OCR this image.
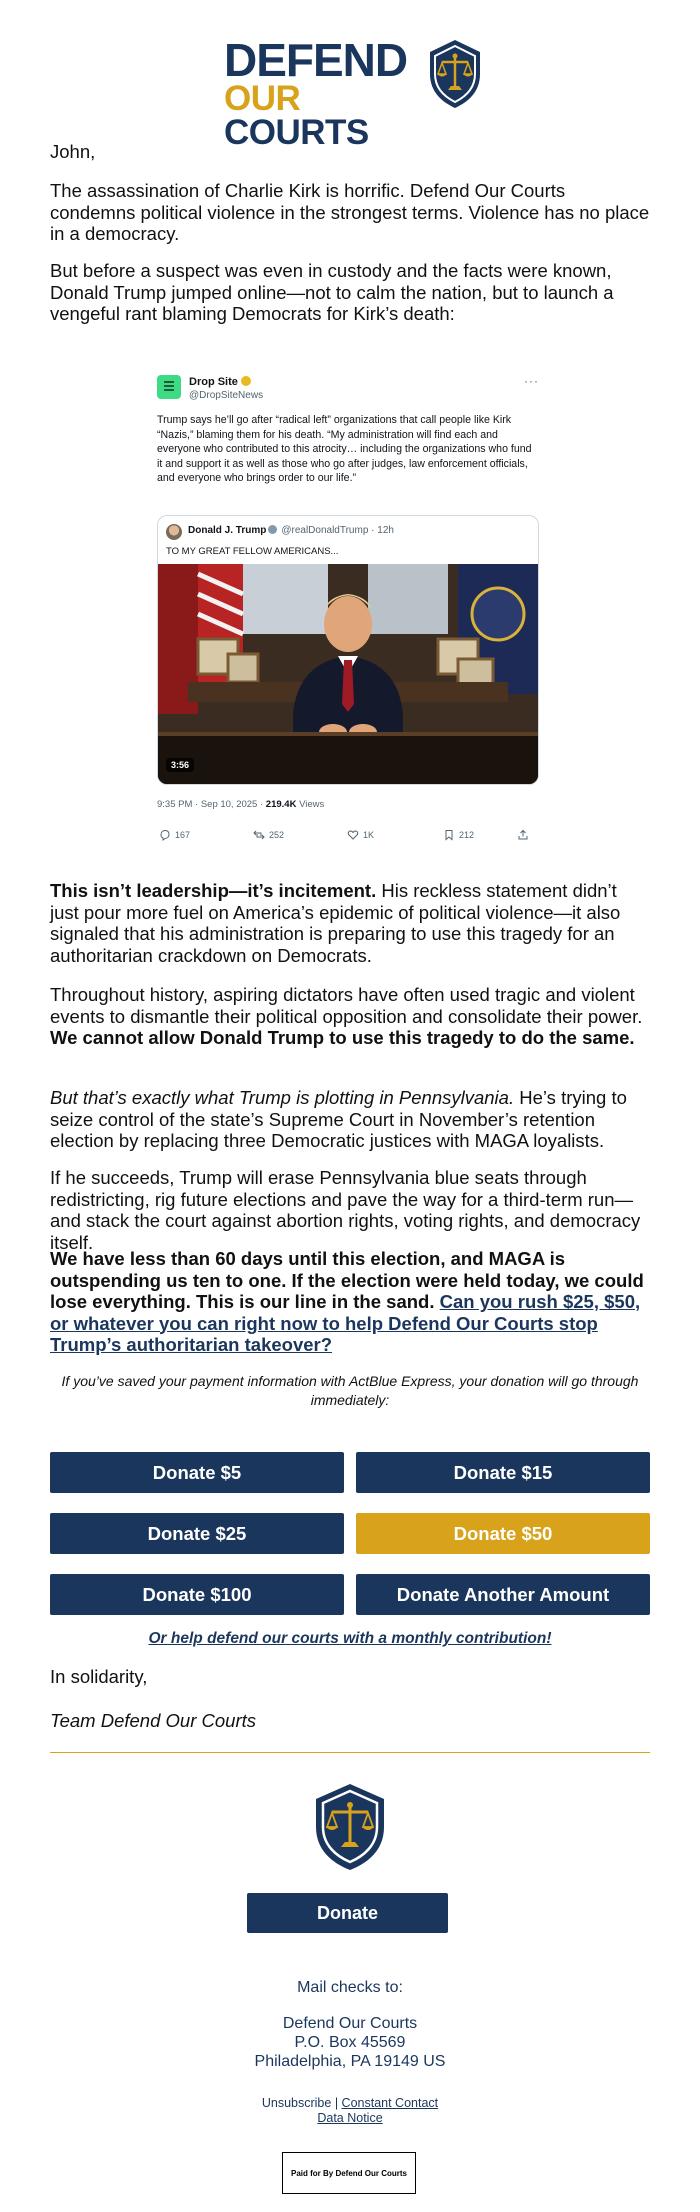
DEFEND
OUR COURTS

John,

The assassination of Charlie Kirk is horrific. Defend Our Courts condemns political violence in the strongest terms. Violence has no place in a democracy.

But before a suspect was even in custody and the facts were known, Donald Trump jumped online—not to calm the nation, but to launch a vengeful rant blaming Democrats for Kirk’s death:

Drop Site
@DropSiteNews
···
Trump says he’ll go after “radical left” organizations that call people like Kirk “Nazis,” blaming them for his death. “My administration will find each and everyone who contributed to this atrocity… including the organizations who fund it and support it as well as those who go after judges, law enforcement officials, and everyone who brings order to our life.”
Donald J. Trump @realDonaldTrump · 12h
TO MY GREAT FELLOW AMERICANS...
3:56
9:35 PM · Sep 10, 2025 · 219.4K Views
167	252	1K	212

This isn’t leadership—it’s incitement. His reckless statement didn’t just pour more fuel on America’s epidemic of political violence—it also signaled that his administration is preparing to use this tragedy for an authoritarian crackdown on Democrats.

Throughout history, aspiring dictators have often used tragic and violent events to dismantle their political opposition and consolidate their power. We cannot allow Donald Trump to use this tragedy to do the same.

But that’s exactly what Trump is plotting in Pennsylvania. He’s trying to seize control of the state’s Supreme Court in November’s retention election by replacing three Democratic justices with MAGA loyalists.

If he succeeds, Trump will erase Pennsylvania blue seats through redistricting, rig future elections and pave the way for a third-term run—and stack the court against abortion rights, voting rights, and democracy itself.

We have less than 60 days until this election, and MAGA is outspending us ten to one. If the election were held today, we could lose everything. This is our line in the sand. Can you rush $25, $50, or whatever you can right now to help Defend Our Courts stop Trump’s authoritarian takeover?

If you’ve saved your payment information with ActBlue Express, your donation will go through immediately:
Donate $5	Donate $15
Donate $25	Donate $50
Donate $100	Donate Another Amount
Or help defend our courts with a monthly contribution!

In solidarity,

Team Defend Our Courts

Donate
Mail checks to:
Defend Our Courts
P.O. Box 45569
Philadelphia, PA 19149 US
Unsubscribe | Constant Contact
Data Notice
Paid for By Defend Our Courts
